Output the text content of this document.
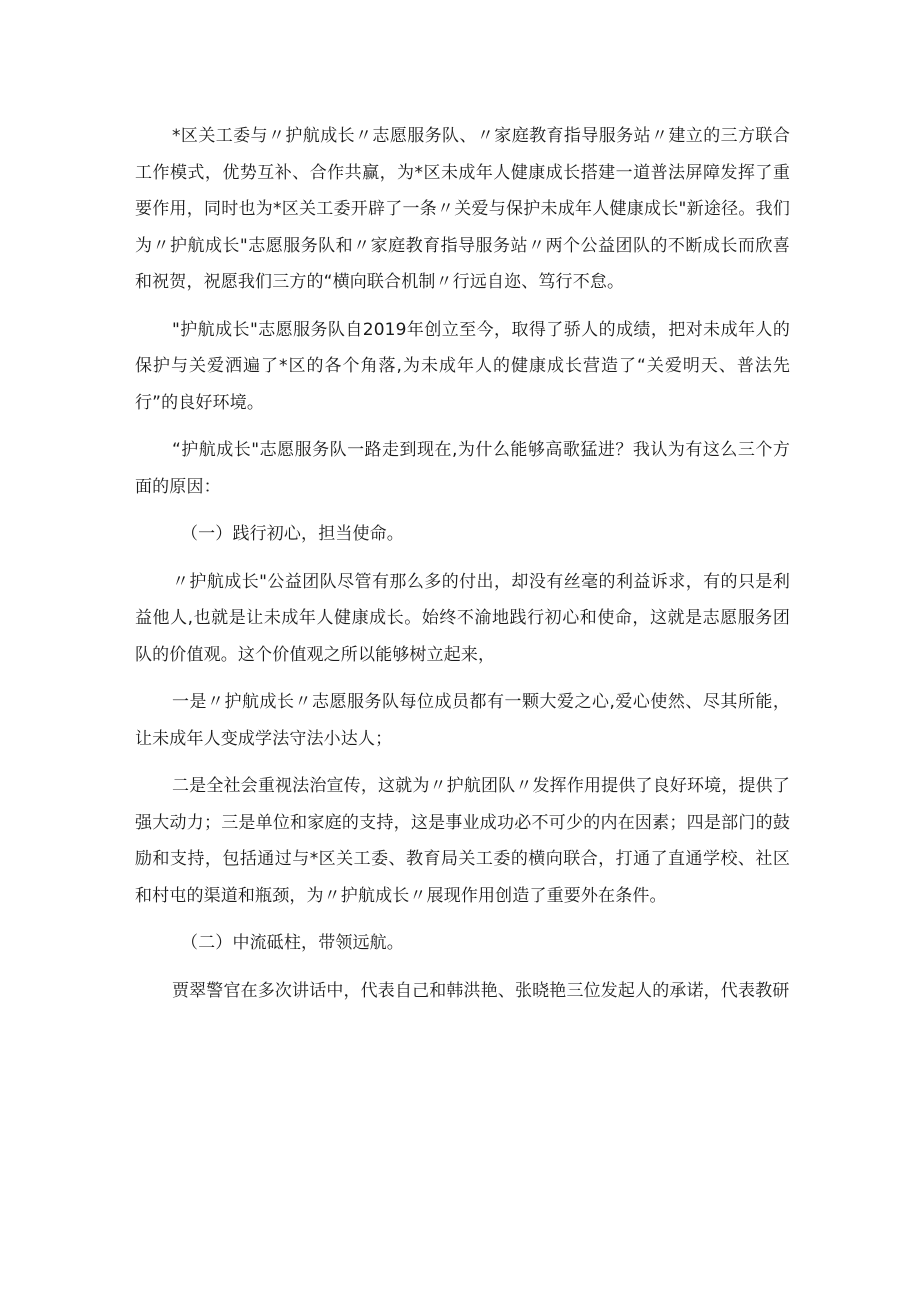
*区关工委与〃护航成长〃志愿服务队、〃家庭教育指导服务站〃建立的三方联合工作模式，优势互补、合作共赢，为*区未成年人健康成长搭建一道普法屏障发挥了重要作用，同时也为*区关工委开辟了一条〃关爱与保护未成年人健康成长"新途径。我们为〃护航成长"志愿服务队和〃家庭教育指导服务站〃两个公益团队的不断成长而欣喜和祝贺，祝愿我们三方的“横向联合机制〃行远自迩、笃行不怠。

"护航成长"志愿服务队自2019年创立至今，取得了骄人的成绩，把对未成年人的保护与关爱洒遍了*区的各个角落,为未成年人的健康成长营造了“关爱明天、普法先行”的良好环境。

“护航成长"志愿服务队一路走到现在,为什么能够高歌猛进？我认为有这么三个方面的原因：

（一）践行初心，担当使命。

〃护航成长"公益团队尽管有那么多的付出，却没有丝毫的利益诉求，有的只是利益他人,也就是让未成年人健康成长。始终不渝地践行初心和使命，这就是志愿服务团队的价值观。这个价值观之所以能够树立起来，

一是〃护航成长〃志愿服务队每位成员都有一颗大爱之心,爱心使然、尽其所能，让未成年人变成学法守法小达人；

二是全社会重视法治宣传，这就为〃护航团队〃发挥作用提供了良好环境，提供了强大动力；三是单位和家庭的支持，这是事业成功必不可少的内在因素；四是部门的鼓励和支持，包括通过与*区关工委、教育局关工委的横向联合，打通了直通学校、社区和村屯的渠道和瓶颈，为〃护航成长〃展现作用创造了重要外在条件。

（二）中流砥柱，带领远航。

贾翠警官在多次讲话中，代表自己和韩洪艳、张晓艳三位发起人的承诺，代表教研
